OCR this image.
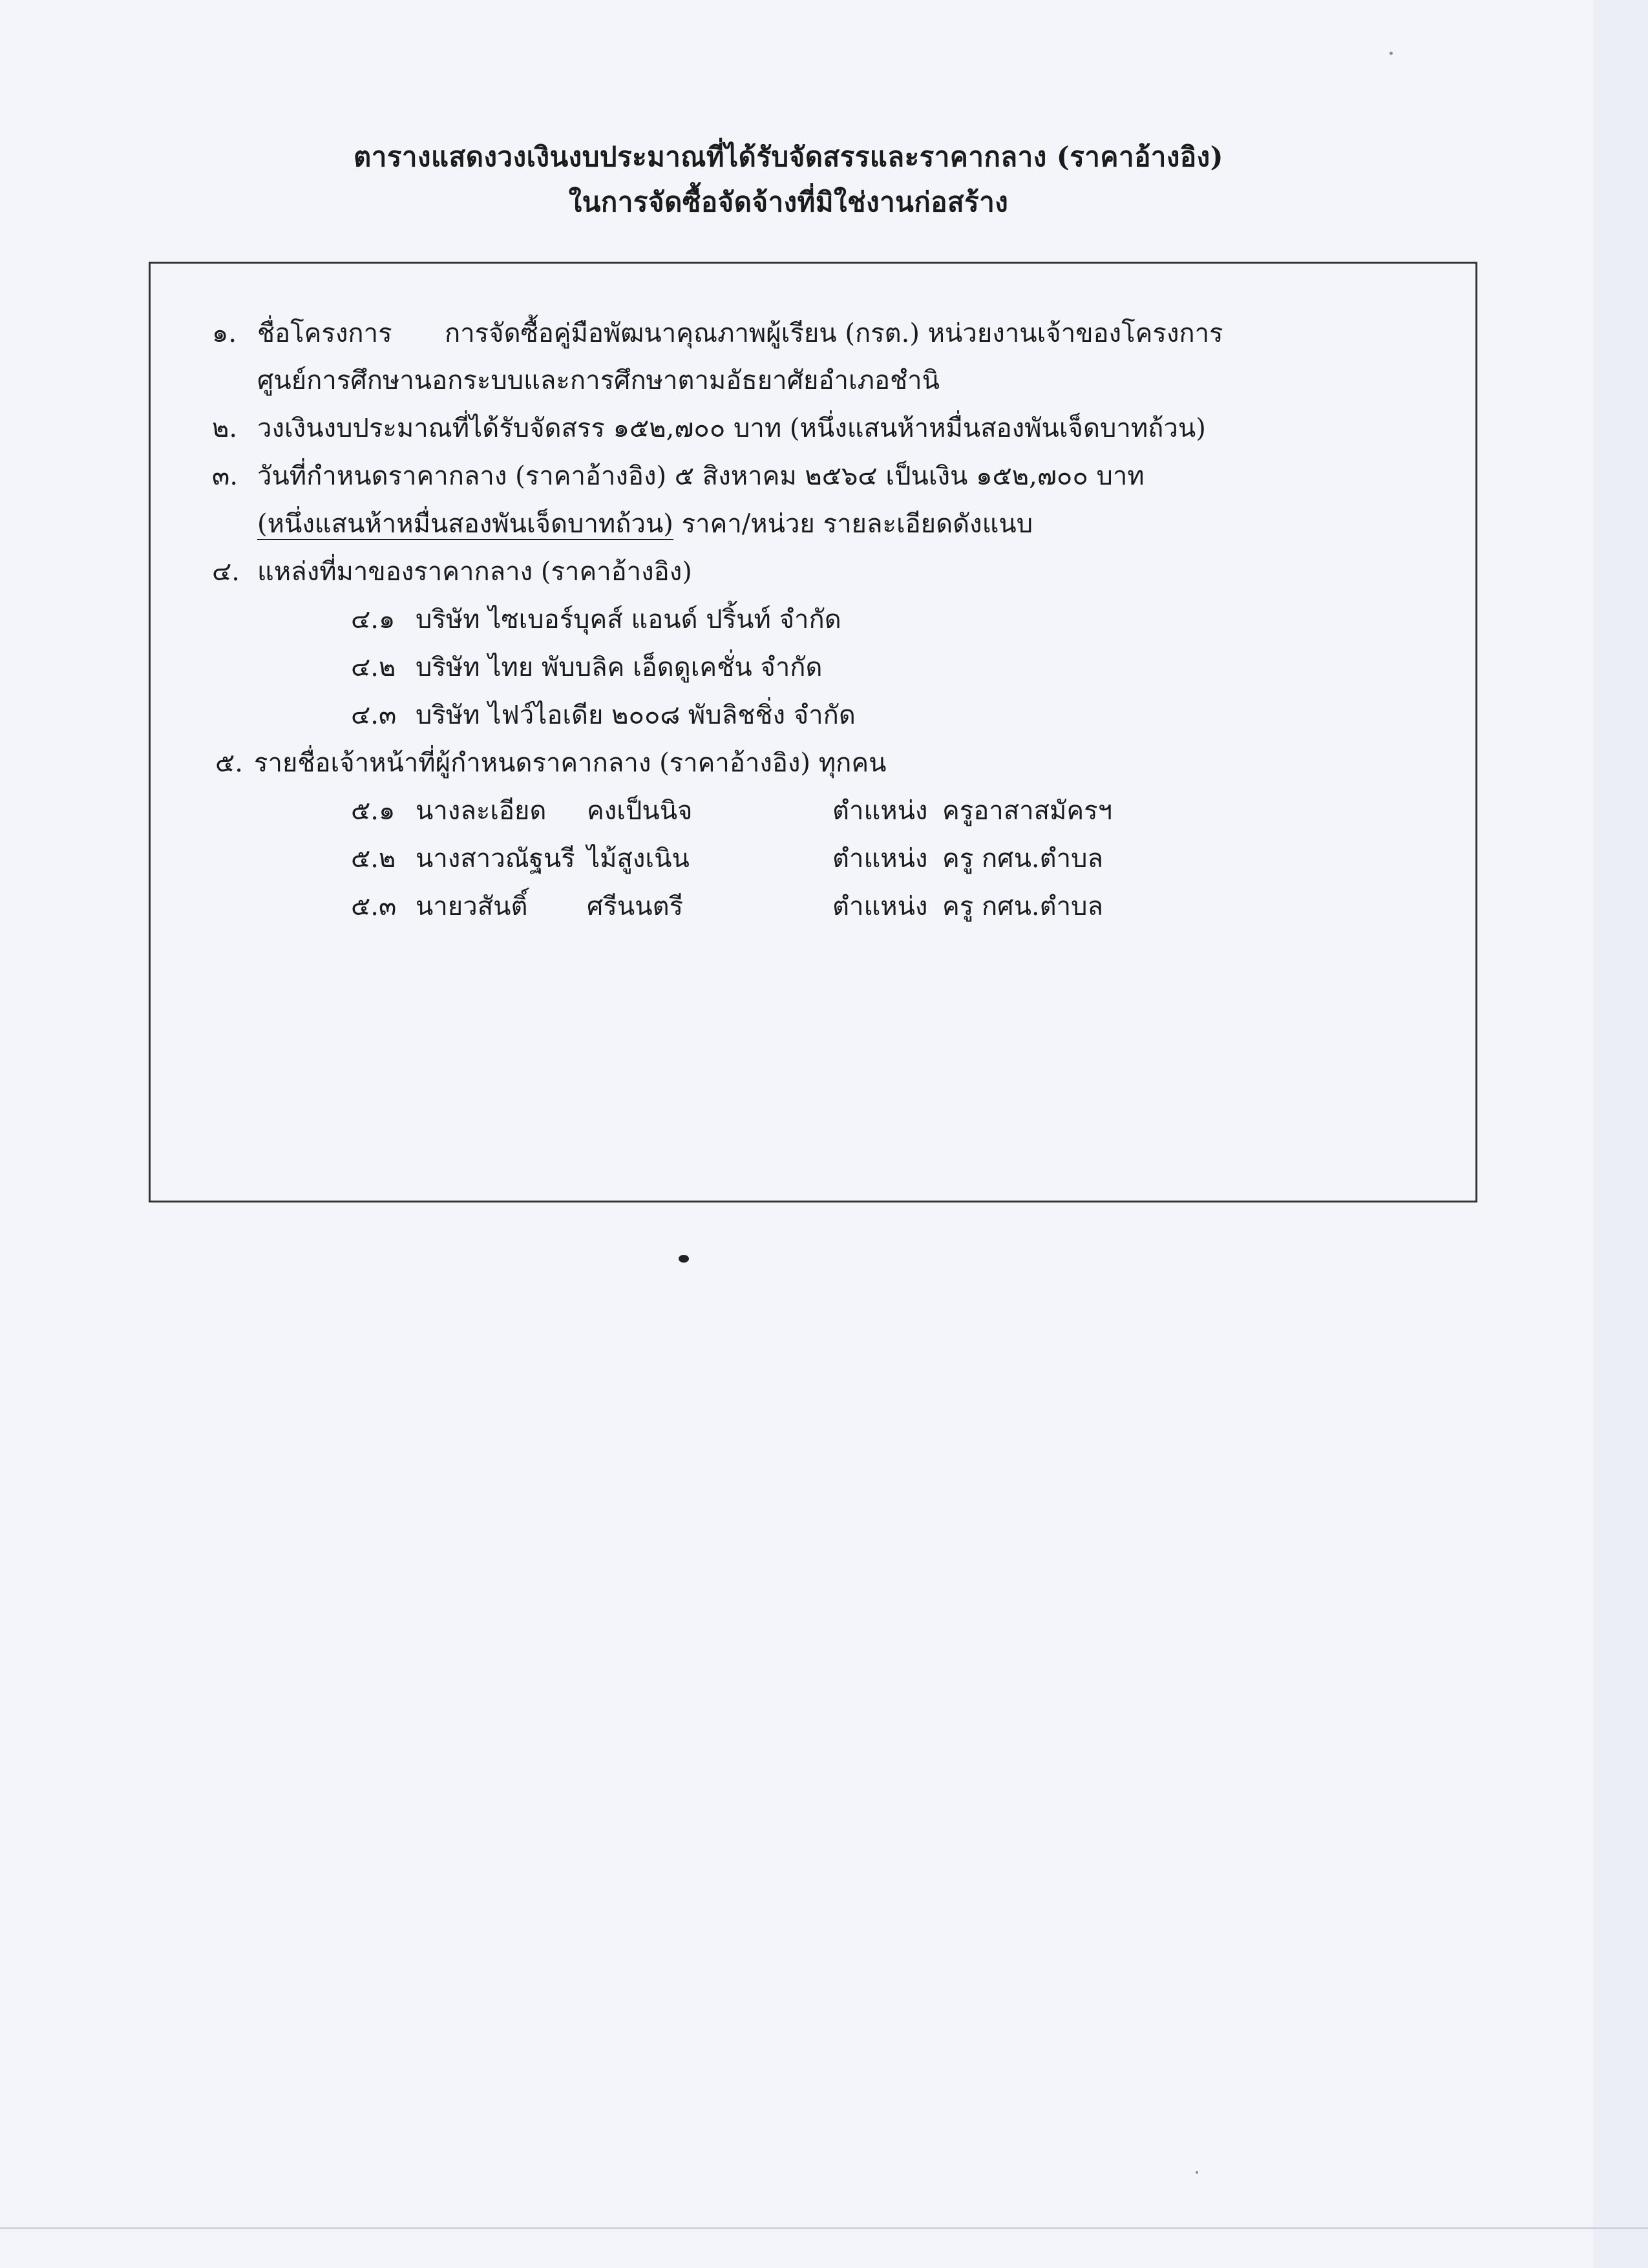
ตารางแสดงวงเงินงบประมาณที่ได้รับจัดสรรและราคากลาง (ราคาอ้างอิง)
ในการจัดซื้อจัดจ้างที่มิใช่งานก่อสร้าง
๑. ชื่อโครงการ การจัดซื้อคู่มือพัฒนาคุณภาพผู้เรียน (กรต.) หน่วยงานเจ้าของโครงการ
ศูนย์การศึกษานอกระบบและการศึกษาตามอัธยาศัยอำเภอชำนิ
๒. วงเงินงบประมาณที่ได้รับจัดสรร ๑๕๒,๗๐๐ บาท (หนึ่งแสนห้าหมื่นสองพันเจ็ดบาทถ้วน)
๓. วันที่กำหนดราคากลาง (ราคาอ้างอิง) ๕ สิงหาคม ๒๕๖๔ เป็นเงิน ๑๕๒,๗๐๐ บาท
(หนึ่งแสนห้าหมื่นสองพันเจ็ดบาทถ้วน) ราคา/หน่วย รายละเอียดดังแนบ
๔. แหล่งที่มาของราคากลาง (ราคาอ้างอิง)
๔.๑ บริษัท ไซเบอร์บุคส์ แอนด์ ปริ้นท์ จำกัด
๔.๒ บริษัท ไทย พับบลิค เอ็ดดูเคชั่น จำกัด
๔.๓ บริษัท ไฟว์ไอเดีย ๒๐๐๘ พับลิชชิ่ง จำกัด
๕. รายชื่อเจ้าหน้าที่ผู้กำหนดราคากลาง (ราคาอ้างอิง) ทุกคน
๕.๑ นางละเอียด คงเป็นนิจ	ตำแหน่ง ครูอาสาสมัครฯ
๕.๒ นางสาวณัฐนรี ไม้สูงเนิน	ตำแหน่ง ครู กศน.ตำบล
๕.๓ นายวสันติ์ ศรีนนตรี	ตำแหน่ง ครู กศน.ตำบล
